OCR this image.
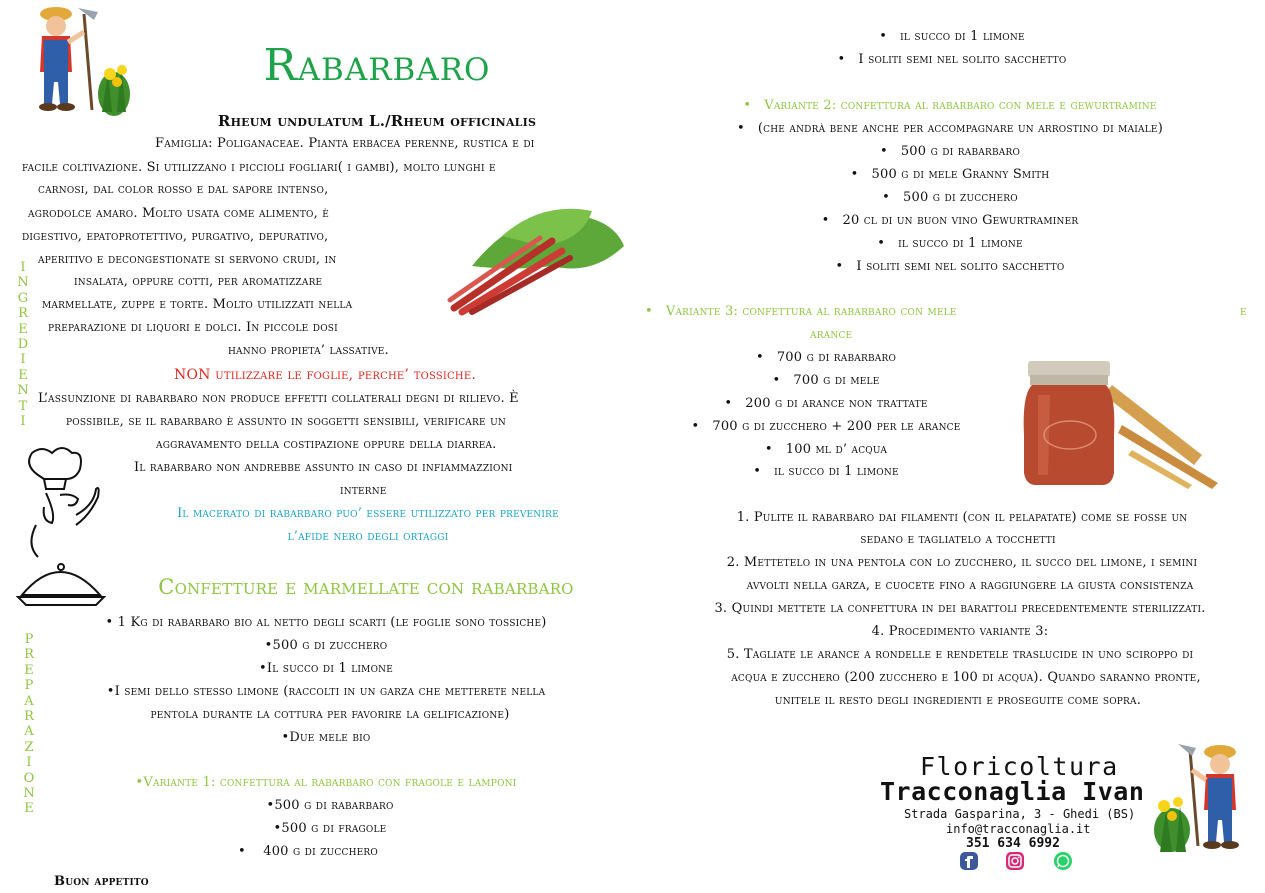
Rabarbaro
Rheum undulatum L./Rheum officinalis
Famiglia: Poliganaceae. Pianta erbacea perenne, rustica e di
facile coltivazione. Si utilizzano i piccioli fogliari( i gambi), molto lunghi e
carnosi, dal color rosso e dal sapore intenso,
agrodolce amaro. Molto usata come alimento, è
digestivo, epatoprotettivo, purgativo, depurativo,
aperitivo e decongestionate si servono crudi, in
insalata, oppure cotti, per aromatizzare
marmellate, zuppe e torte. Molto utilizzati nella
preparazione di liquori e dolci. In piccole dosi
hanno propieta’ lassative.
NON utilizzare le foglie, perche’ tossiche.
L’assunzione di rabarbaro non produce effetti collaterali degni di rilievo. È
possibile, se il rabarbaro è assunto in soggetti sensibili, verificare un
aggravamento della costipazione oppure della diarrea.
Il rabarbaro non andrebbe assunto in caso di infiammazzioni
interne
Il macerato di rabarbaro puo’ essere utilizzato per prevenire
l’afide nero degli ortaggi
I
N
G
R
E
D
I
E
N
T
I
Confetture e marmellate con rabarbaro
• 1 Kg di rabarbaro bio al netto degli scarti (le foglie sono tossiche)
•500 g di zucchero
•Il succo di 1 limone
•I semi dello stesso limone (raccolti in un garza che metterete nella
pentola durante la cottura per favorire la gelificazione)
•Due mele bio
P
R
E
P
A
R
A
Z
I
O
N
E
•Variante 1: confettura al rabarbaro con fragole e lamponi
•500 g di rabarbaro
•500 g di fragole
•    400 g di zucchero
Buon appetito
•   il succo di 1 limone
•   I soliti semi nel solito sacchetto
•   Variante 2: confettura al rabarbaro con mele e gewurtramine
•   (che andrà bene anche per accompagnare un arrostino di maiale)
•   500 g di rabarbaro
•   500 g di mele Granny Smith
•   500 g di zucchero
•   20 cl di un buon vino Gewurtraminer
•   il succo di 1 limone
•   I soliti semi nel solito sacchetto
•   Variante 3: confettura al rabarbaro con mele	e
arance
•   700 g di rabarbaro
•   700 g di mele
•   200 g di arance non trattate
•   700 g di zucchero + 200 per le arance
•   100 ml d’ acqua
•   il succo di 1 limone
1. Pulite il rabarbaro dai filamenti (con il pelapatate) come se fosse un
sedano e tagliatelo a tocchetti
2. Mettetelo in una pentola con lo zucchero, il succo del limone, i semini
avvolti nella garza, e cuocete fino a raggiungere la giusta consistenza
3. Quindi mettete la confettura in dei barattoli precedentemente sterilizzati.
4. Procedimento variante 3:
5. Tagliate le arance a rondelle e rendetele traslucide in uno sciroppo di
acqua e zucchero (200 zucchero e 100 di acqua). Quando saranno pronte,
unitele il resto degli ingredienti e proseguite come sopra.
Floricoltura
Tracconaglia Ivan
Strada Gasparina, 3 - Ghedi (BS)
info@tracconaglia.it
351 634 6992
